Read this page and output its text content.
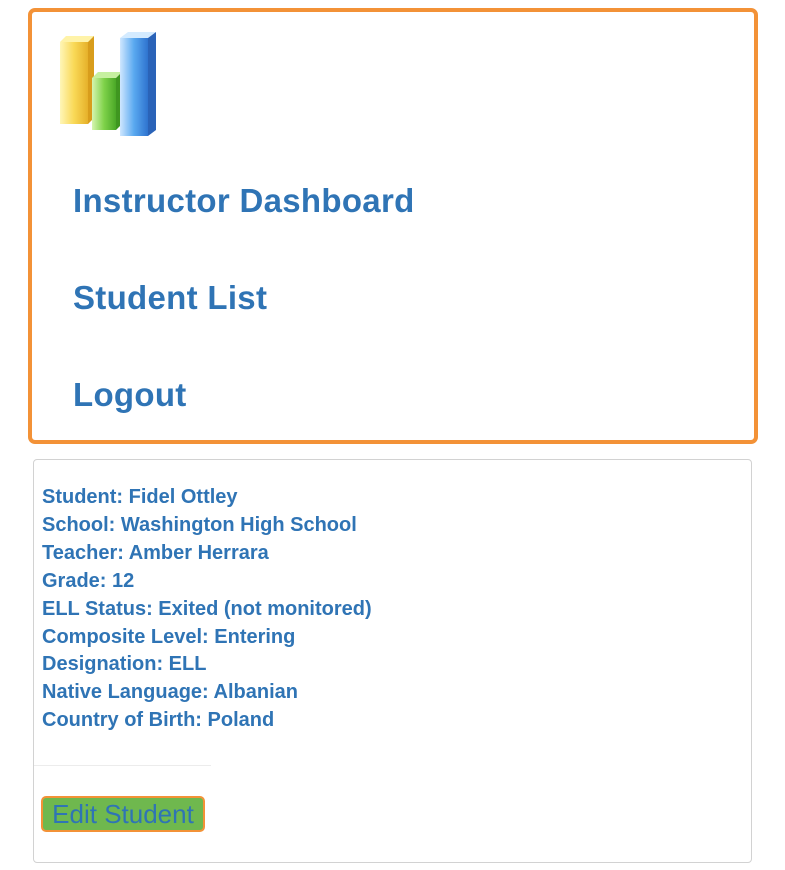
Instructor Dashboard
Student List
Logout
Student: Fidel Ottley
School: Washington High School
Teacher: Amber Herrara
Grade: 12
ELL Status: Exited (not monitored)
Composite Level: Entering
Designation: ELL
Native Language: Albanian
Country of Birth: Poland
Edit Student
